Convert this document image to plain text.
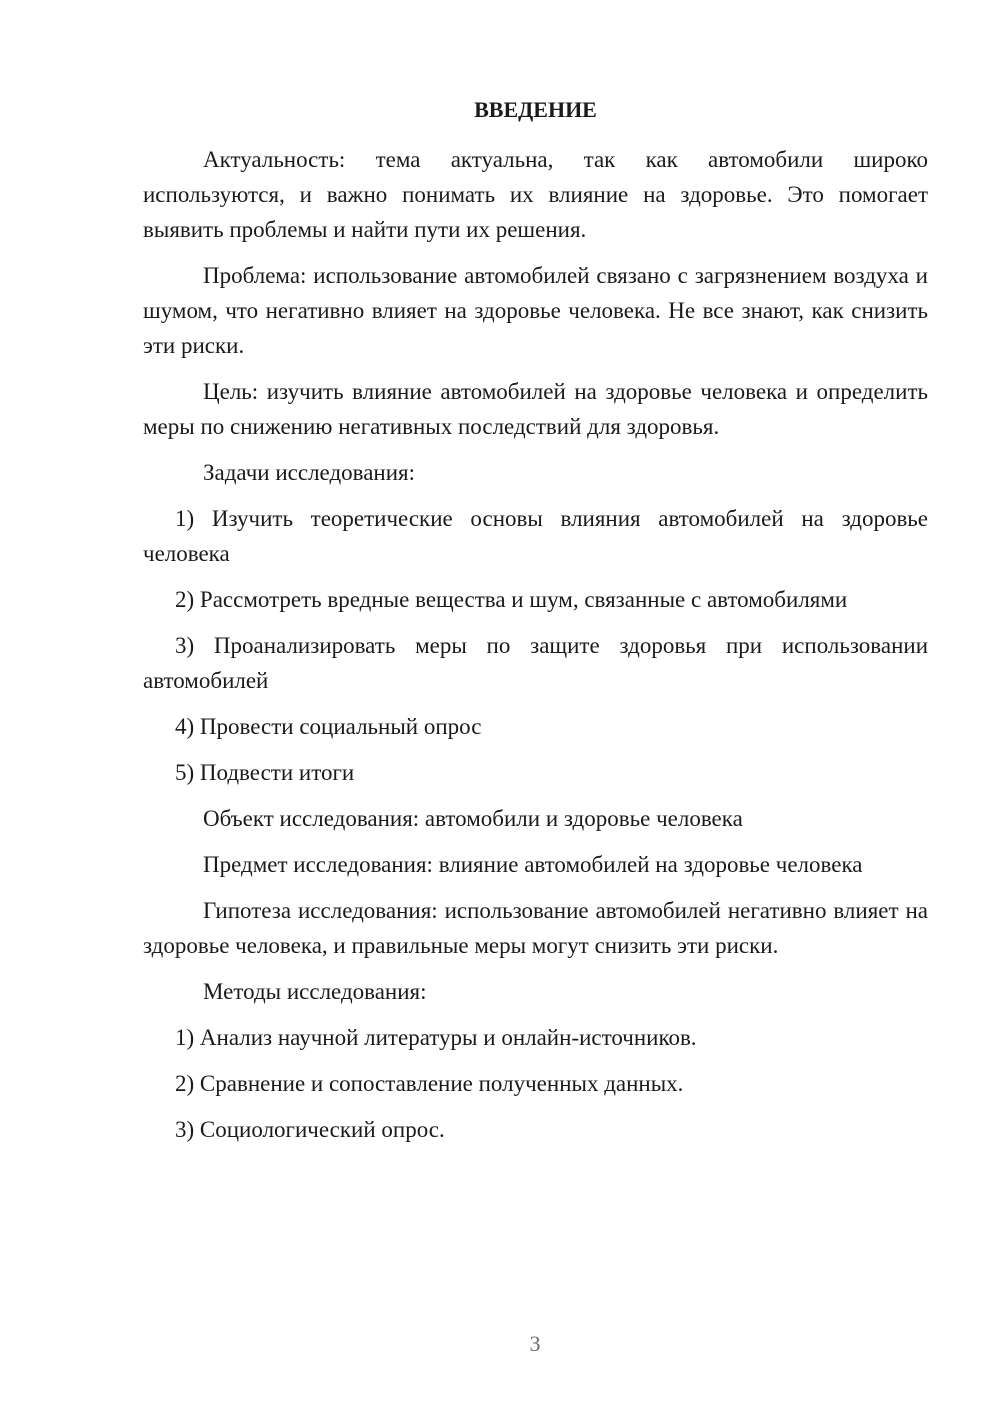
ВВЕДЕНИЕ

Актуальность: тема актуальна, так как автомобили широко используются, и важно понимать их влияние на здоровье. Это помогает выявить проблемы и найти пути их решения.

Проблема: использование автомобилей связано с загрязнением воздуха и шумом, что негативно влияет на здоровье человека. Не все знают, как снизить эти риски.

Цель: изучить влияние автомобилей на здоровье человека и определить меры по снижению негативных последствий для здоровья.

Задачи исследования:

1) Изучить теоретические основы влияния автомобилей на здоровье человека

2) Рассмотреть вредные вещества и шум, связанные с автомобилями

3) Проанализировать меры по защите здоровья при использовании автомобилей

4) Провести социальный опрос

5) Подвести итоги

Объект исследования: автомобили и здоровье человека

Предмет исследования: влияние автомобилей на здоровье человека

Гипотеза исследования: использование автомобилей негативно влияет на здоровье человека, и правильные меры могут снизить эти риски.

Методы исследования:

1) Анализ научной литературы и онлайн-источников.

2) Сравнение и сопоставление полученных данных.

3) Социологический опрос.

3
